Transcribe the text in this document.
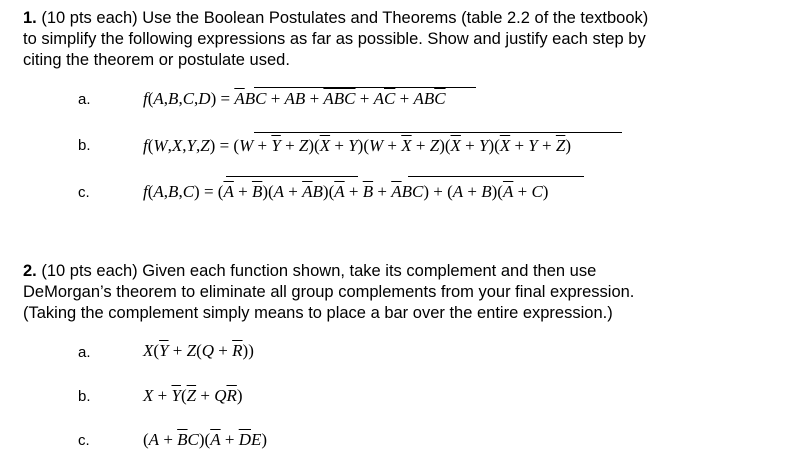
1. (10 pts each) Use the Boolean Postulates and Theorems (table 2.2 of the textbook)
to simplify the following expressions as far as possible. Show and justify each step by
citing the theorem or postulate used.
a.	$f(A,B,C,D) = \overline{A}BC$ + AB + $\overline{ABC} + A\overline{C} + AB\overline{C}$
b.	$f(W,X,Y,Z) = (W + \overline{Y} + Z)(\overline{X} + Y)(W + \overline{X} + Z)(\overline{X} + Y)(\overline{X} + Y + \overline{Z})$
c.	$f(A,B,C) = (\overline{A} + \overline{B})(A + \overline{A}B)(\overline{A} + \overline{B} + \overline{A}BC) + (A + B)(\overline{A} + C)$
2. (10 pts each) Given each function shown, take its complement and then use
DeMorgan’s theorem to eliminate all group complements from your final expression.
(Taking the complement simply means to place a bar over the entire expression.)
a.	$X(\overline{Y} + Z(Q + \overline{R}))$
b.	$X + \overline{Y}(\overline{Z} + Q\overline{R})$
c.	$(A + \overline{B}C)(\overline{A} + \overline{D}E)$
